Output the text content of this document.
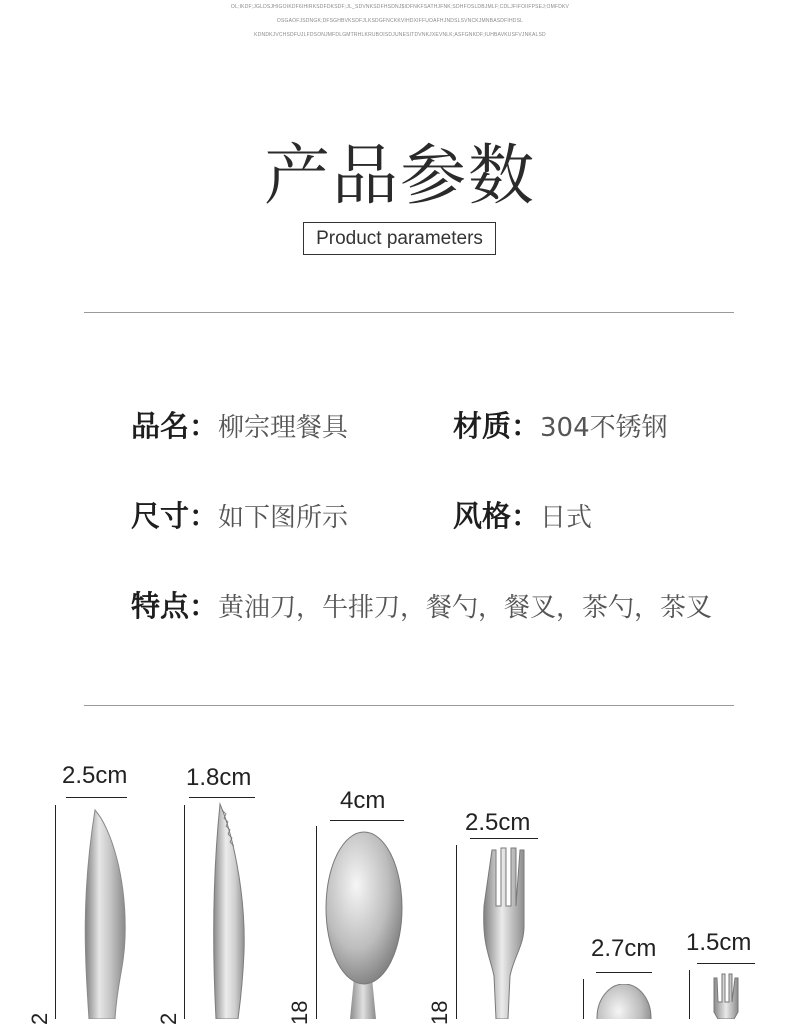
OL;IKDF;JGLDSJHIGOIKDF6IHIRKSDFDKSDF;JL_SDVNKSDFHSDNJ$IDFNKFSATHJFNK;SDHFOSLDBJMLF;CDLJFIFOIIFPSEJ;OMFDKV
OSGAOFJSDNGK;DFSGHBVKSDFJLKSDGFNCKKVIHDXIFFUOAFHJNDSLSVNCKJMNBASDFIHDSL
KDNDKJVCHSDFUJLFDSONJMFDLGMTRHLKRUBOISDJUNESITDVNKJXEVNLK;ASFGNKDF;IUHBAVKUSFVJNKALSD
产品参数
Product parameters
品名：柳宗理餐具	材质：304不锈钢
尺寸：如下图所示	风格：日式
特点：黄油刀，牛排刀，餐勺，餐叉，茶勺，茶叉
2.5cm
2
1.8cm
2
4cm
18
2.5cm
18
2.7cm 1.5cm
